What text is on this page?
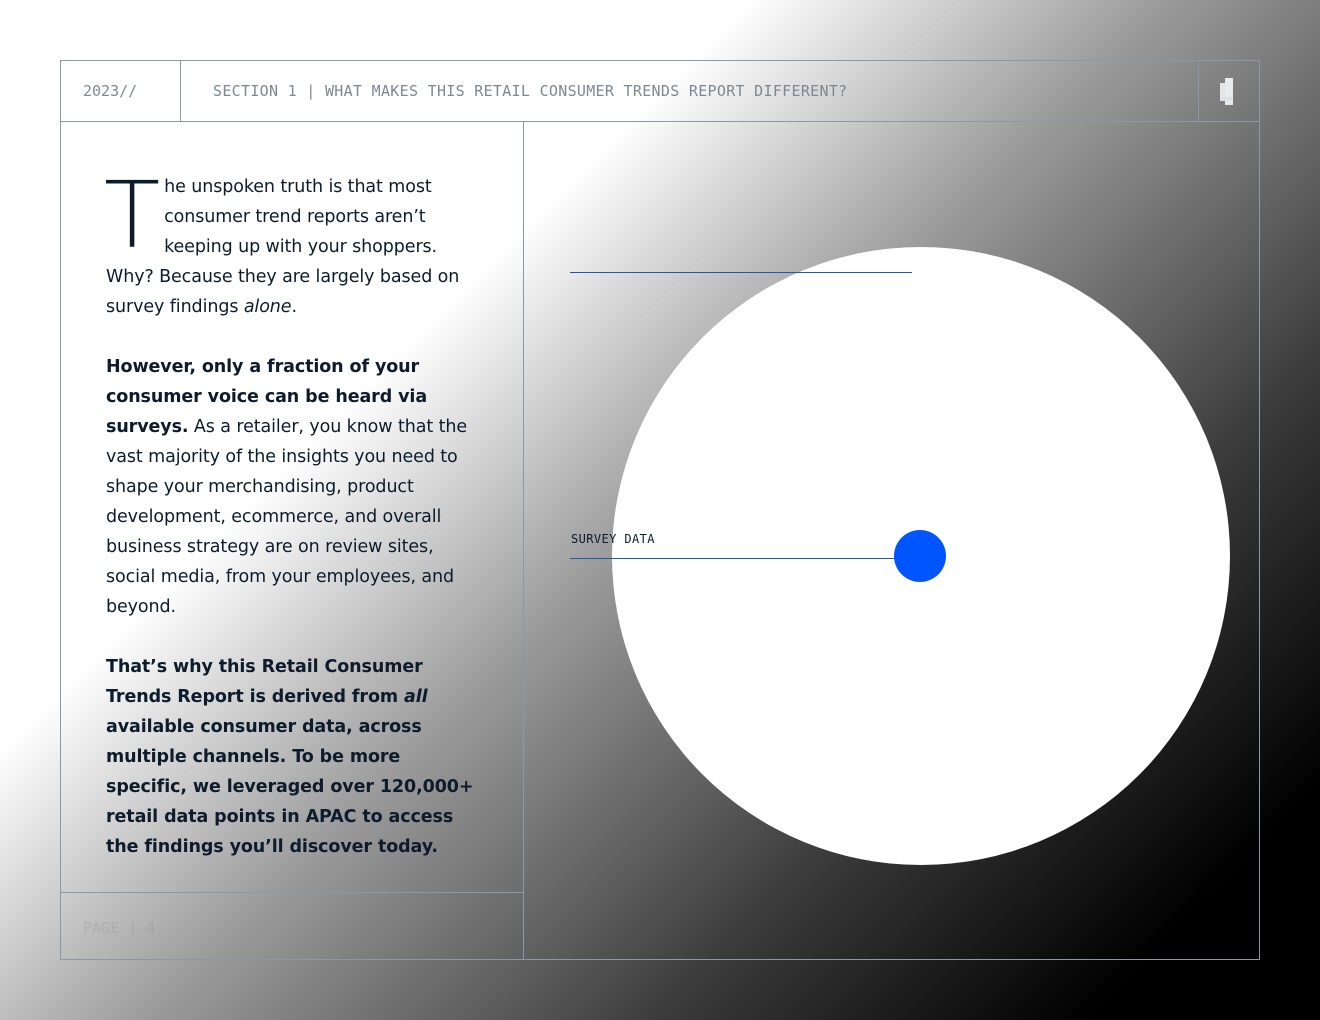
2023//	SECTION 1 | WHAT MAKES THIS RETAIL CONSUMER TRENDS REPORT DIFFERENT?

The unspoken truth is that most consumer trend reports aren’t keeping up with your shoppers. Why? Because they are largely based on survey findings alone.

However, only a fraction of your consumer voice can be heard via surveys. As a retailer, you know that the vast majority of the insights you need to shape your merchandising, product development, ecommerce, and overall business strategy are on review sites, social media, from your employees, and beyond.

That’s why this Retail Consumer Trends Report is derived from all available consumer data, across multiple channels. To be more specific, we leveraged over 120,000+ retail data points in APAC to access the findings you’ll discover today.

PAGE | 4
SURVEY DATA
